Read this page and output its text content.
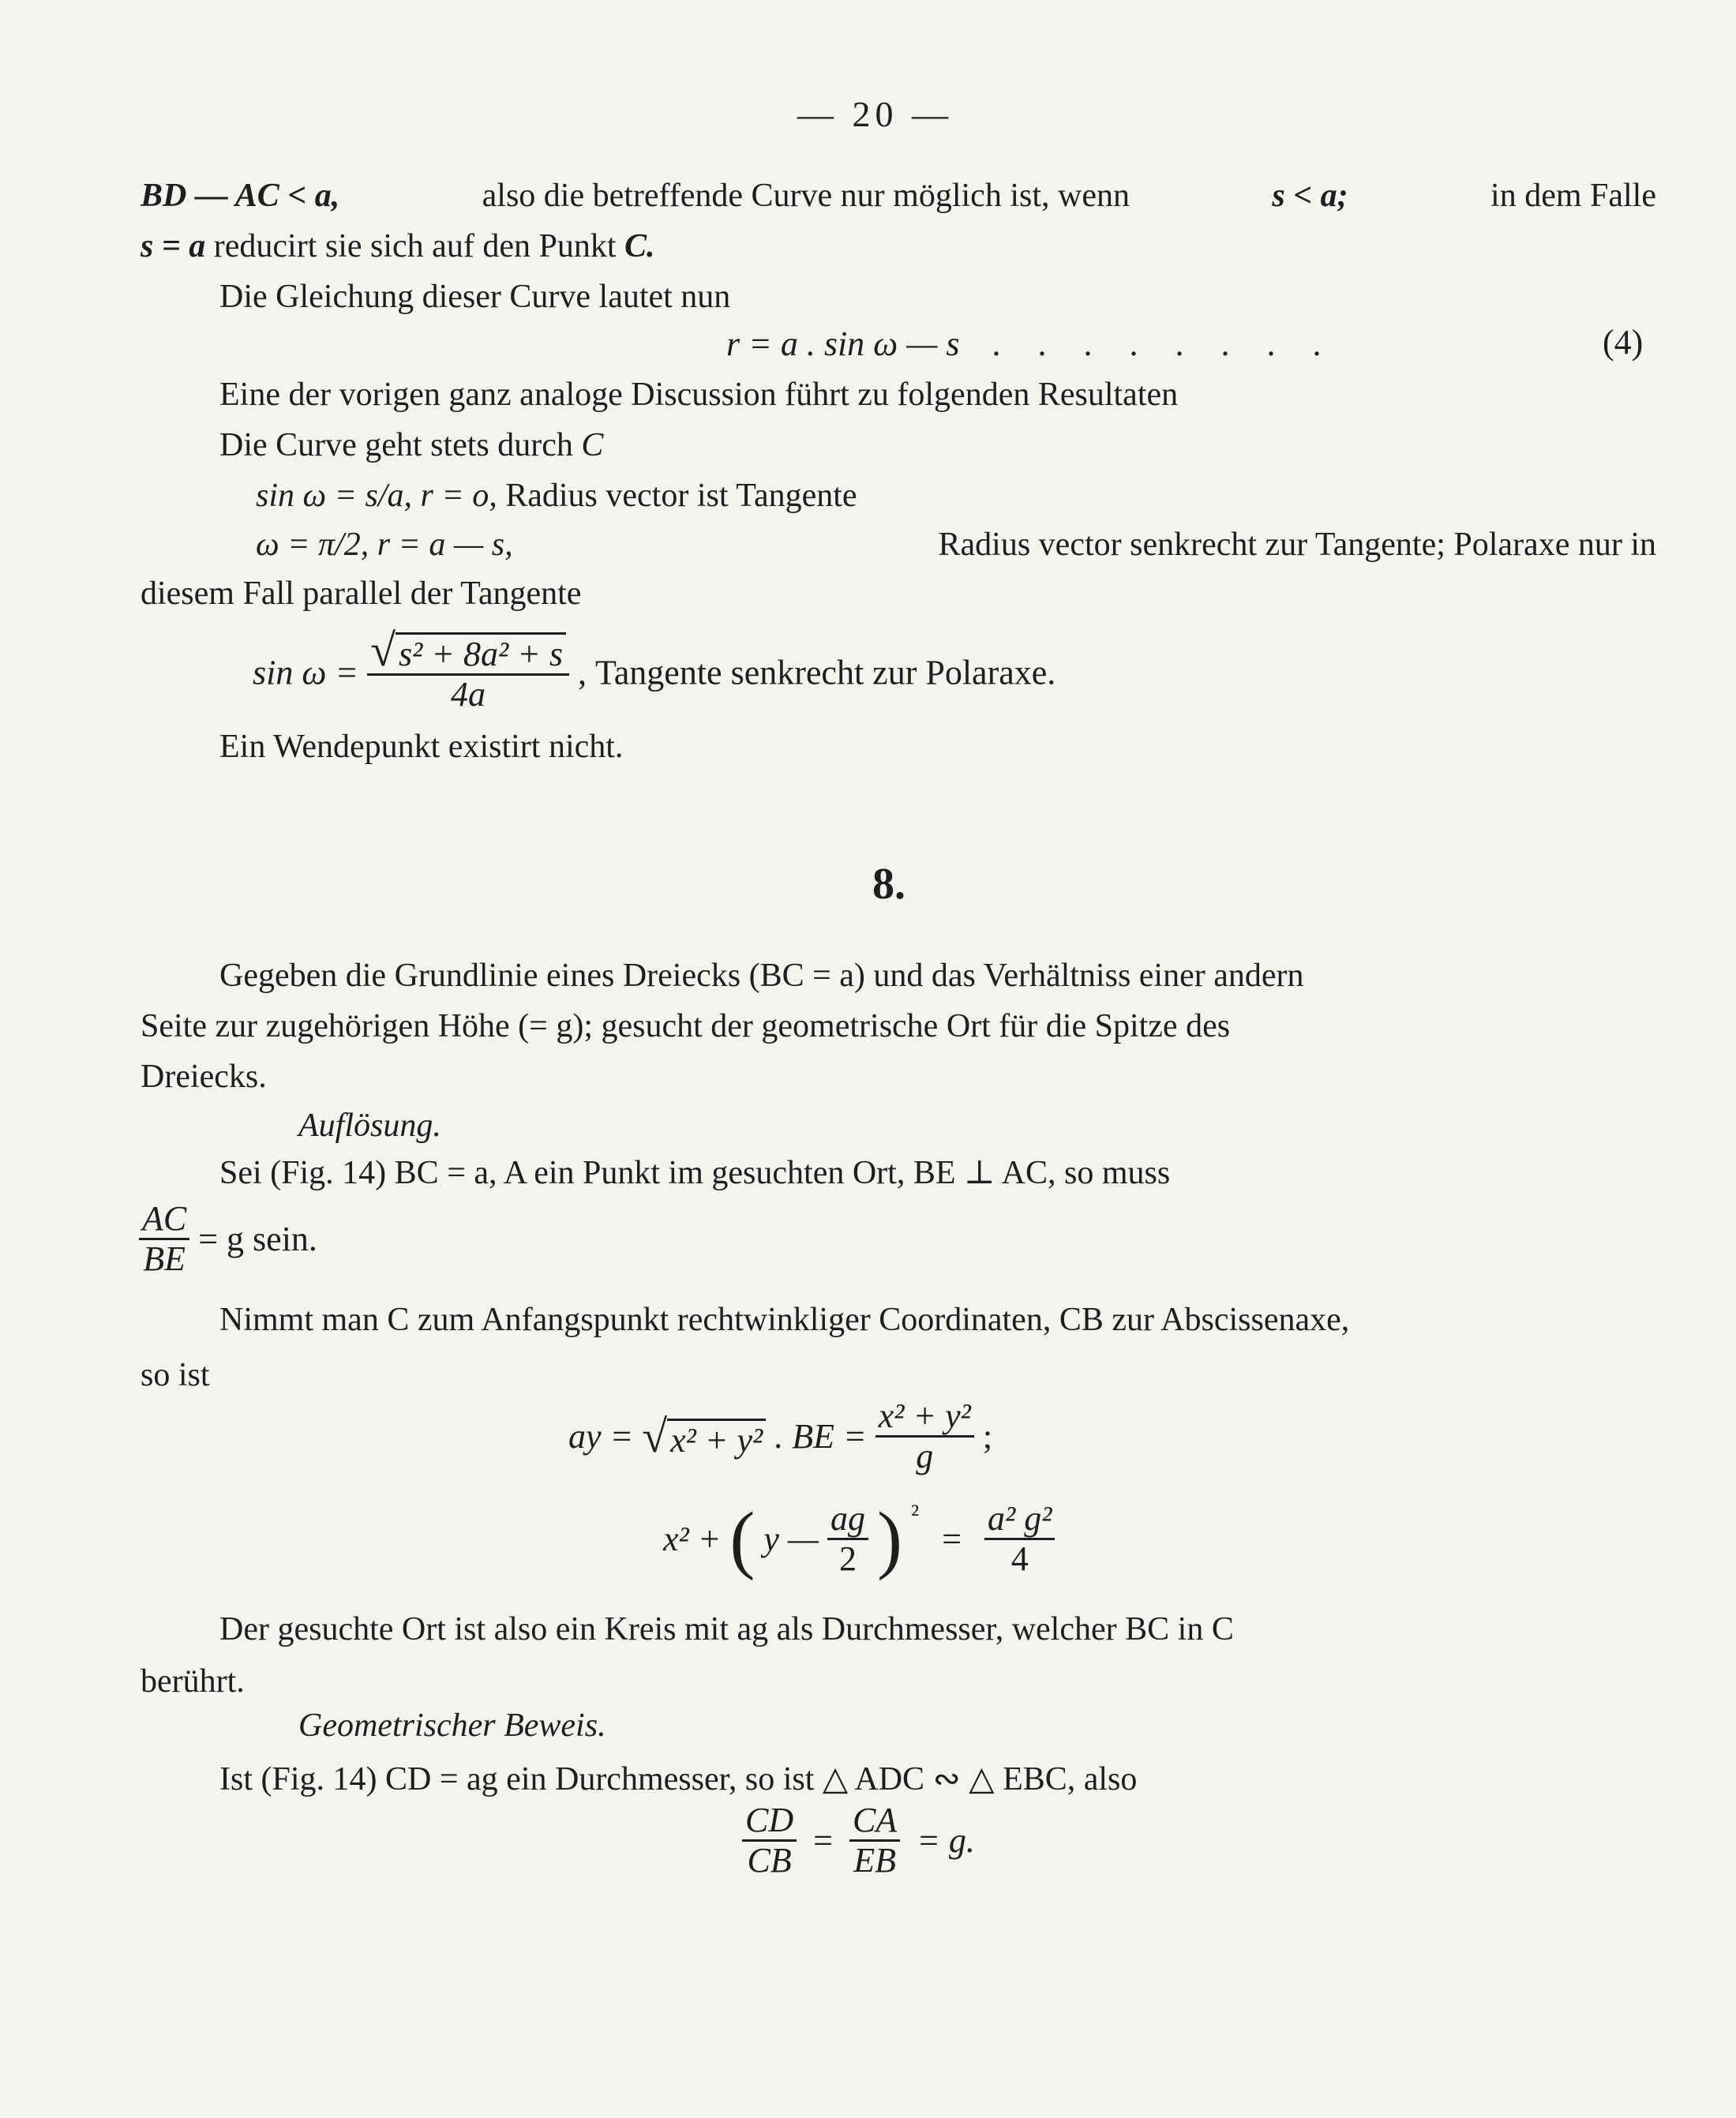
— 20 —
BD — AC < a,	also die betreffende Curve nur möglich ist, wenn	s < a;	in dem Falle
s = a reducirt sie sich auf den Punkt C.
Die Gleichung dieser Curve lautet nun
r = a . sin ω — s . . . . . . . .	(4)
Eine der vorigen ganz analoge Discussion führt zu folgenden Resultaten
Die Curve geht stets durch C
sin ω = s/a, r = o, Radius vector ist Tangente
ω = π/2, r = a — s,	Radius vector senkrecht zur Tangente; Polaraxe nur in
diesem Fall parallel der Tangente
$\sin \omega = \frac{\text{√s² + 8a² + s}}{4a}$ , Tangente senkrecht zur Polaraxe.
Ein Wendepunkt existirt nicht.
8.
Gegeben die Grundlinie eines Dreiecks (BC = a) und das Verhältniss einer andern
Seite zur zugehörigen Höhe (= g); gesucht der geometrische Ort für die Spitze des
Dreiecks.
Auflösung.
Sei (Fig. 14) BC = a, A ein Punkt im gesuchten Ort, BE ⊥ AC, so muss
$\frac{AC}{BE} = g$ sein.
Nimmt man C zum Anfangspunkt rechtwinkliger Coordinaten, CB zur Abscissenaxe,
so ist
ay = √x² + y² . BE = $\frac{\text{x² + y²}}{g}$ ;
x² + ( y — $\frac{ag}{2}$ ) $^{^2} = \frac{\text{a² g²}}{4}$
Der gesuchte Ort ist also ein Kreis mit ag als Durchmesser, welcher BC in C
berührt.
Geometrischer Beweis.
Ist (Fig. 14) CD = ag ein Durchmesser, so ist △ ADC ∾ △ EBC, also
$\frac{CD}{CB} = \frac{CA}{EB} = g$.
